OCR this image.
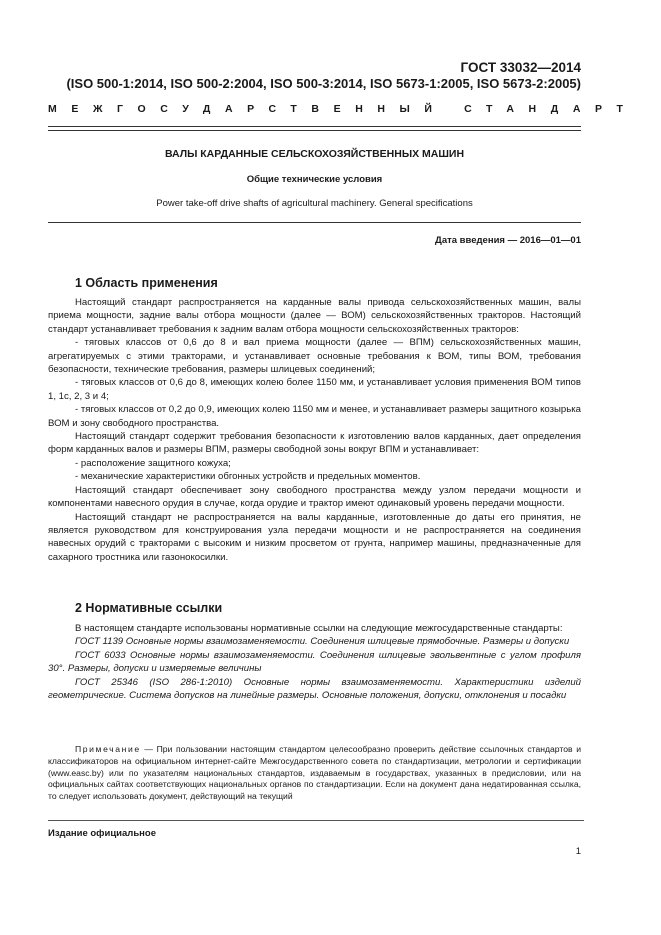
ГОСТ 33032—2014
(ISO 500-1:2014, ISO 500-2:2004, ISO 500-3:2014, ISO 5673-1:2005, ISO 5673-2:2005)
МЕЖГОСУДАРСТВЕННЫЙ СТАНДАРТ
ВАЛЫ КАРДАННЫЕ СЕЛЬСКОХОЗЯЙСТВЕННЫХ МАШИН
Общие технические условия
Power take-off drive shafts of agricultural machinery. General specifications
Дата введения — 2016—01—01
1 Область применения

Настоящий стандарт распространяется на карданные валы привода сельскохозяйственных машин, валы приема мощности, задние валы отбора мощности (далее — ВОМ) сельскохозяйственных тракторов. Настоящий стандарт устанавливает требования к задним валам отбора мощности сельскохозяйственных тракторов:

- тяговых классов от 0,6 до 8 и вал приема мощности (далее — ВПМ) сельскохозяйственных машин, агрегатируемых с этими тракторами, и устанавливает основные требования к ВОМ, типы ВОМ, требования безопасности, технические требования, размеры шлицевых соединений;

- тяговых классов от 0,6 до 8, имеющих колею более 1150 мм, и устанавливает условия применения ВОМ типов 1, 1с, 2, 3 и 4;

- тяговых классов от 0,2 до 0,9, имеющих колею 1150 мм и менее, и устанавливает размеры защитного козырька ВОМ и зону свободного пространства.

Настоящий стандарт содержит требования безопасности к изготовлению валов карданных, дает определения форм карданных валов и размеры ВПМ, размеры свободной зоны вокруг ВПМ и устанавливает:

- расположение защитного кожуха;

- механические характеристики обгонных устройств и предельных моментов.

Настоящий стандарт обеспечивает зону свободного пространства между узлом передачи мощности и компонентами навесного орудия в случае, когда орудие и трактор имеют одинаковый уровень передачи мощности.

Настоящий стандарт не распространяется на валы карданные, изготовленные до даты его принятия, не является руководством для конструирования узла передачи мощности и не распространяется на соединения навесных орудий с тракторами с высоким и низким просветом от грунта, например машины, предназначенные для сахарного тростника или газонокосилки.

2 Нормативные ссылки

В настоящем стандарте использованы нормативные ссылки на следующие межгосударственные стандарты:

ГОСТ 1139 Основные нормы взаимозаменяемости. Соединения шлицевые прямобочные. Размеры и допуски

ГОСТ 6033 Основные нормы взаимозаменяемости. Соединения шлицевые эвольвентные с углом профиля 30°. Размеры, допуски и измеряемые величины

ГОСТ 25346 (ISO 286-1:2010) Основные нормы взаимозаменяемости. Характеристики изделий геометрические. Система допусков на линейные размеры. Основные положения, допуски, отклонения и посадки

Примечание — При пользовании настоящим стандартом целесообразно проверить действие ссылочных стандартов и классификаторов на официальном интернет-сайте Межгосударственного совета по стандартизации, метрологии и сертификации (www.easc.by) или по указателям национальных стандартов, издаваемым в государствах, указанных в предисловии, или на официальных сайтах соответствующих национальных органов по стандартизации. Если на документ дана недатированная ссылка, то следует использовать документ, действующий на текущий

Издание официальное
1
